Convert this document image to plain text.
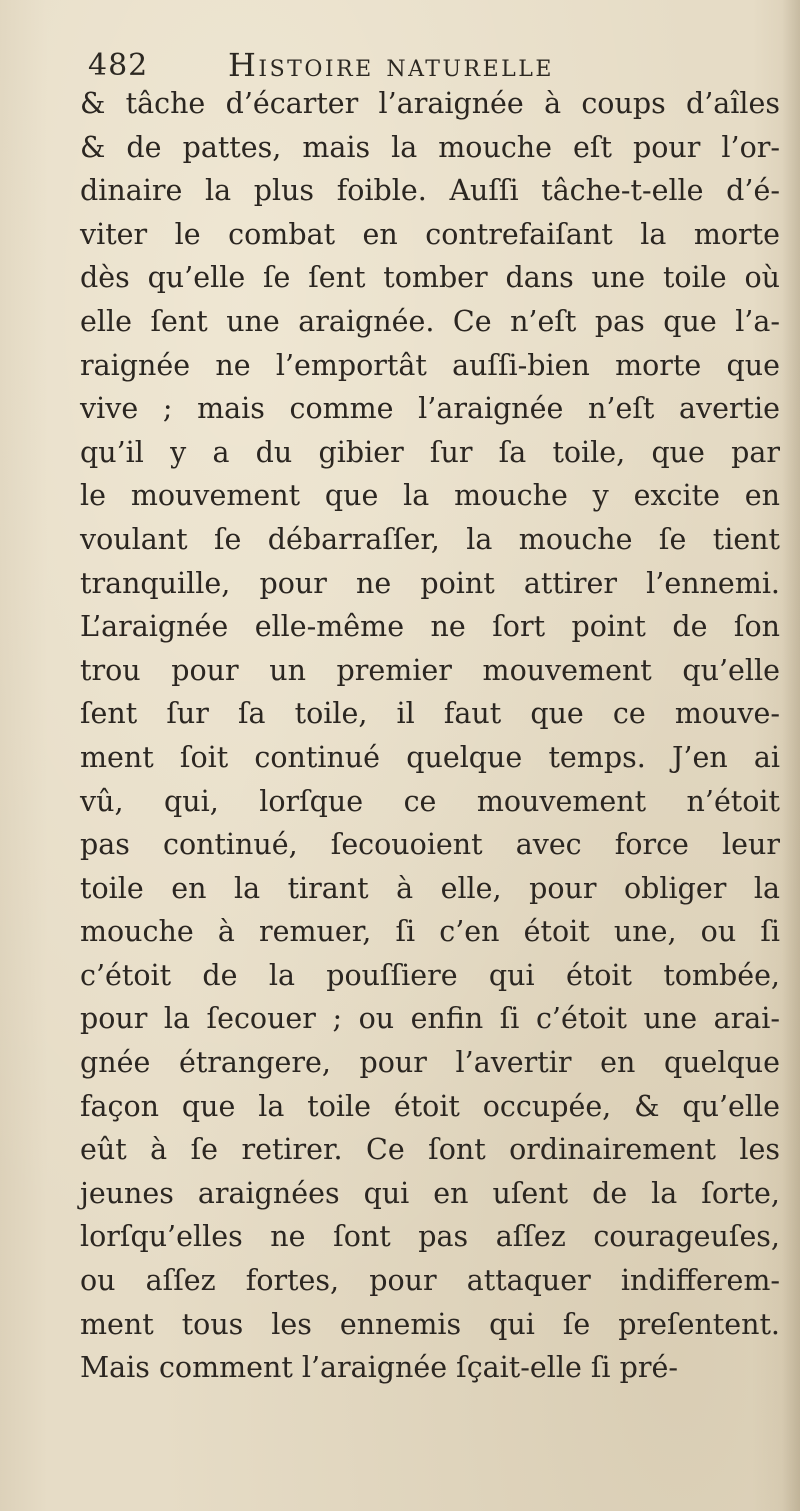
482 Histoire naturelle
& tâche d’écarter l’araignée à coups d’aîles
& de pattes, mais la mouche eſt pour l’or-
dinaire la plus foible. Auſſi tâche-t-elle d’é-
viter le combat en contrefaiſant la morte
dès qu’elle ſe ſent tomber dans une toile où
elle ſent une araignée. Ce n’eſt pas que l’a-
raignée ne l’emportât auſſi-bien morte que
vive ; mais comme l’araignée n’eſt avertie
qu’il y a du gibier ſur ſa toile, que par
le mouvement que la mouche y excite en
voulant ſe débarraſſer, la mouche ſe tient
tranquille, pour ne point attirer l’ennemi.
L’araignée elle-même ne ſort point de ſon
trou pour un premier mouvement qu’elle
ſent ſur ſa toile, il faut que ce mouve-
ment ſoit continué quelque temps. J’en ai
vû, qui, lorſque ce mouvement n’étoit
pas continué, ſecouoient avec force leur
toile en la tirant à elle, pour obliger la
mouche à remuer, ſi c’en étoit une, ou ſi
c’étoit de la pouſſiere qui étoit tombée,
pour la ſecouer ; ou enfin ſi c’étoit une arai-
gnée étrangere, pour l’avertir en quelque
façon que la toile étoit occupée, & qu’elle
eût à ſe retirer. Ce ſont ordinairement les
jeunes araignées qui en uſent de la ſorte,
lorſqu’elles ne ſont pas aſſez courageuſes,
ou aſſez fortes, pour attaquer indifferem-
ment tous les ennemis qui ſe preſentent.
Mais comment l’araignée ſçait-elle ſi pré-
